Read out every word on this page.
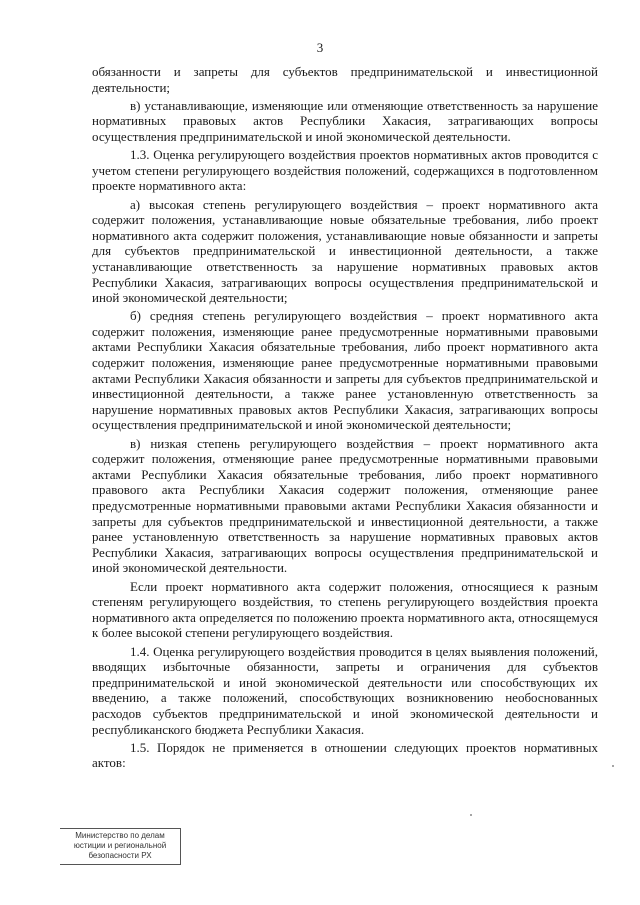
3

обязанности и запреты для субъектов предпринимательской и инвестиционной деятельности;

в) устанавливающие, изменяющие или отменяющие ответственность за нарушение нормативных правовых актов Республики Хакасия, затрагивающих вопросы осуществления предпринимательской и иной экономической деятельности.

1.3. Оценка регулирующего воздействия проектов нормативных актов проводится с учетом степени регулирующего воздействия положений, содержащихся в подготовленном проекте нормативного акта:

а) высокая степень регулирующего воздействия – проект нормативного акта содержит положения, устанавливающие новые обязательные требования, либо проект нормативного акта содержит положения, устанавливающие новые обязанности и запреты для субъектов предпринимательской и инвестиционной деятельности, а также устанавливающие ответственность за нарушение нормативных правовых актов Республики Хакасия, затрагивающих вопросы осуществления предпринимательской и иной экономической деятельности;

б) средняя степень регулирующего воздействия – проект нормативного акта содержит положения, изменяющие ранее предусмотренные нормативными правовыми актами Республики Хакасия обязательные требования, либо проект нормативного акта содержит положения, изменяющие ранее предусмотренные нормативными правовыми актами Республики Хакасия обязанности и запреты для субъектов предпринимательской и инвестиционной деятельности, а также ранее установленную ответственность за нарушение нормативных правовых актов Республики Хакасия, затрагивающих вопросы осуществления предпринимательской и иной экономической деятельности;

в) низкая степень регулирующего воздействия – проект нормативного акта содержит положения, отменяющие ранее предусмотренные нормативными правовыми актами Республики Хакасия обязательные требования, либо проект нормативного правового акта Республики Хакасия содержит положения, отменяющие ранее предусмотренные нормативными правовыми актами Республики Хакасия обязанности и запреты для субъектов предпринимательской и инвестиционной деятельности, а также ранее установленную ответственность за нарушение нормативных правовых актов Республики Хакасия, затрагивающих вопросы осуществления предпринимательской и иной экономической деятельности.

Если проект нормативного акта содержит положения, относящиеся к разным степеням регулирующего воздействия, то степень регулирующего воздействия проекта нормативного акта определяется по положению проекта нормативного акта, относящемуся к более высокой степени регулирующего воздействия.

1.4. Оценка регулирующего воздействия проводится в целях выявления положений, вводящих избыточные обязанности, запреты и ограничения для субъектов предпринимательской и иной экономической деятельности или способствующих их введению, а также положений, способствующих возникновению необоснованных расходов субъектов предпринимательской и иной экономической деятельности и республиканского бюджета Республики Хакасия.

1.5. Порядок не применяется в отношении следующих проектов нормативных актов:

Министерство по делам
юстиции и региональной
безопасности РХ
